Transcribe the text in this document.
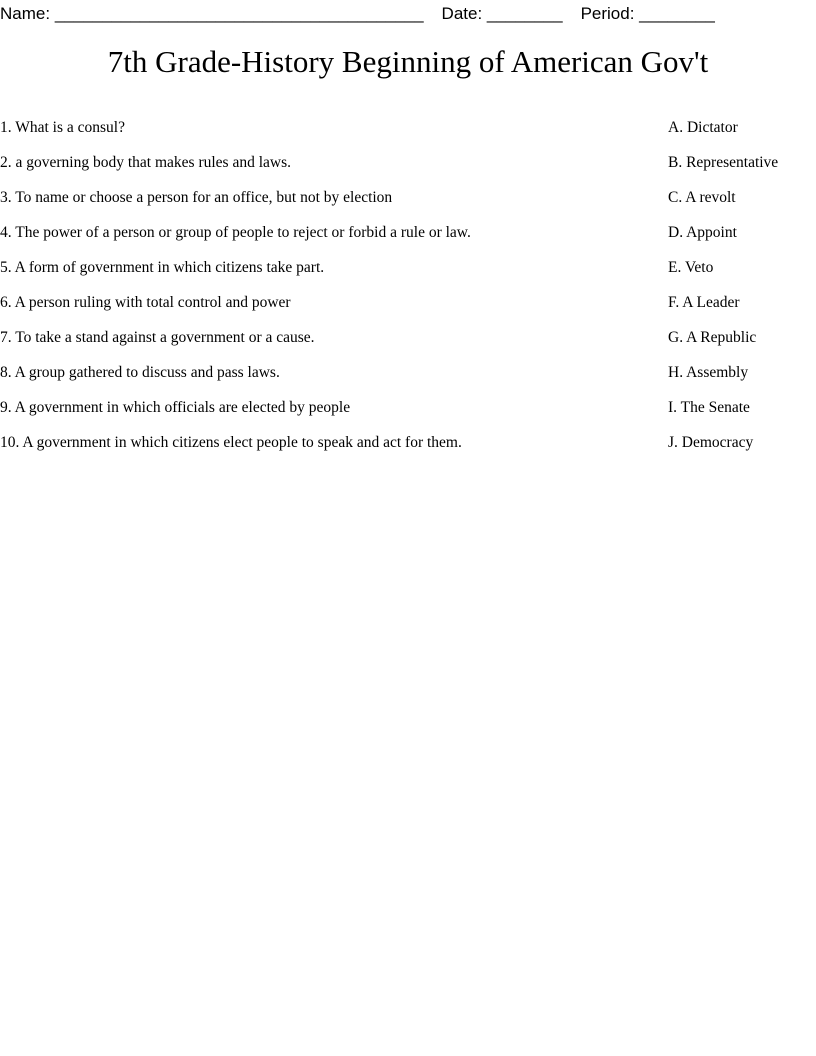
Name: _______________________________________ Date: ________ Period: ________
7th Grade-History Beginning of American Gov't
1. What is a consul?	A. Dictator
2. a governing body that makes rules and laws.	B. Representative
3. To name or choose a person for an office, but not by election	C. A revolt
4. The power of a person or group of people to reject or forbid a rule or law.	D. Appoint
5. A form of government in which citizens take part.	E. Veto
6. A person ruling with total control and power	F. A Leader
7. To take a stand against a government or a cause.	G. A Republic
8. A group gathered to discuss and pass laws.	H. Assembly
9. A government in which officials are elected by people	I. The Senate
10. A government in which citizens elect people to speak and act for them.	J. Democracy
